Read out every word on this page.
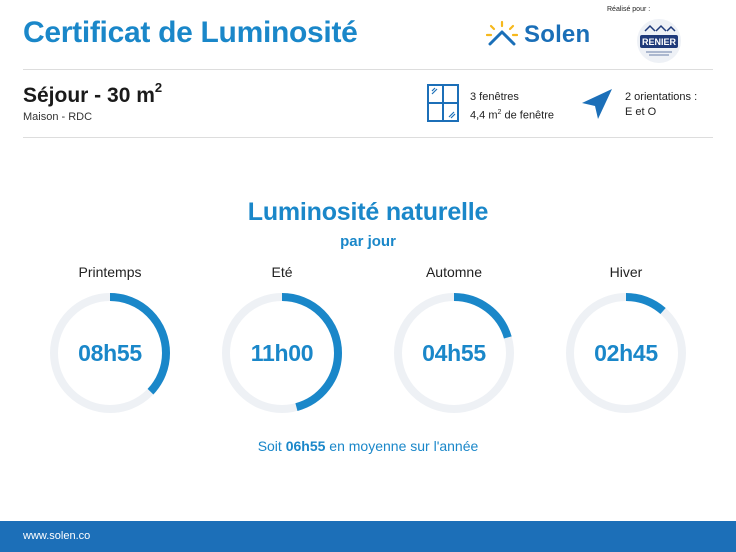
Certificat de Luminosité	Solen
Réalisé pour :
RENIER
Séjour - 30 $m^2$
Maison - RDC
3 fenêtres
4,4 $m^2$ de fenêtre
2 orientations :
E et O
Luminosité naturelle
par jour
Printemps
08h55
Eté
11h00
Automne
04h55
Hiver
02h45
Soit 06h55 en moyenne sur l'année
www.solen.co
